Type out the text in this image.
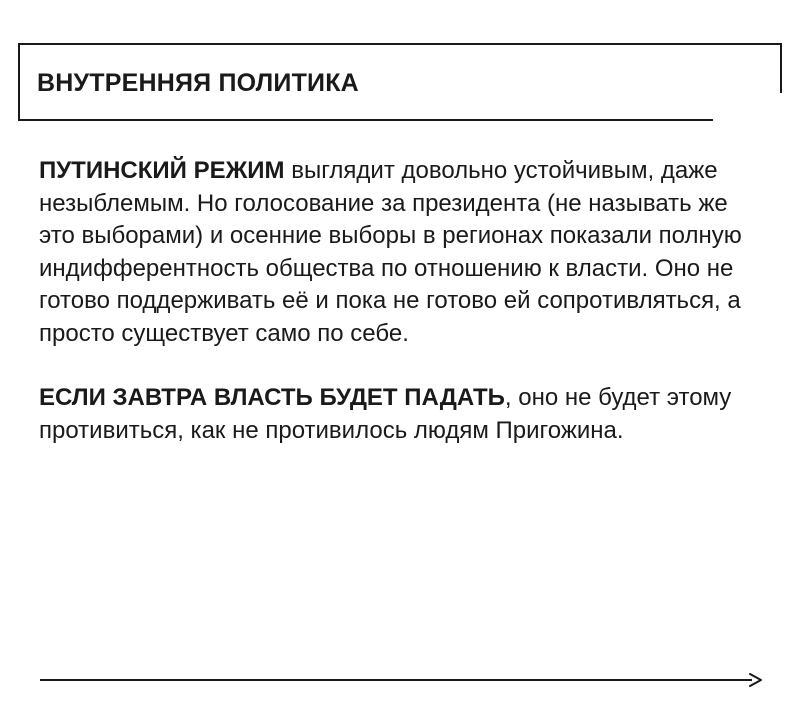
ВНУТРЕННЯЯ ПОЛИТИКА

ПУТИНСКИЙ РЕЖИМ выглядит довольно устойчивым, даже незыблемым. Но голосование за президента (не называть же это выборами) и осенние выборы в регионах показали полную индифферентность общества по отношению к власти. Оно не готово поддерживать её и пока не готово ей сопротивляться, а просто существует само по себе.

ЕСЛИ ЗАВТРА ВЛАСТЬ БУДЕТ ПАДАТЬ, оно не будет этому противиться, как не противилось людям Пригожина.
